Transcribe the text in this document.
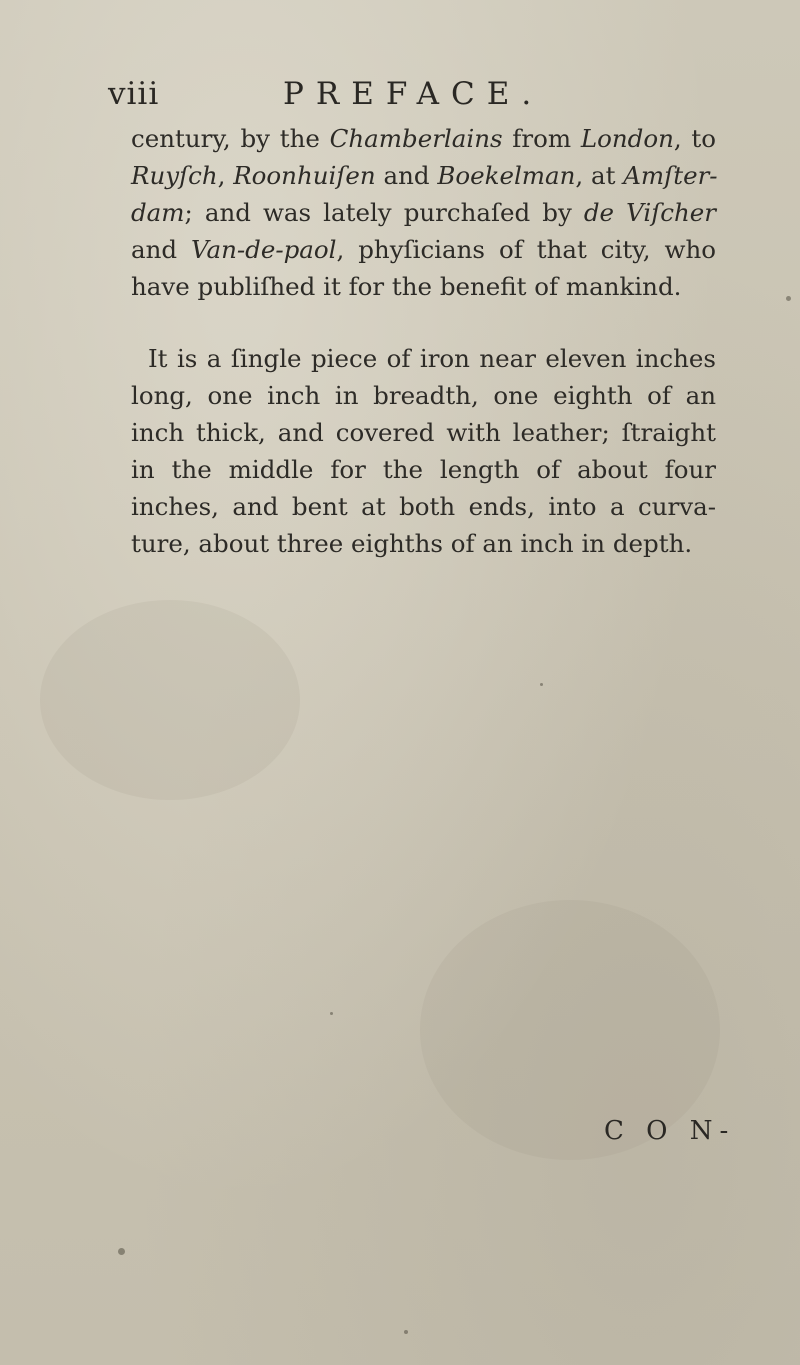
viii	PREFACE.
century, by the Chamberlains from London, to
Ruyſch, Roonhuiſen and Boekelman, at Amſter-
dam; and was lately purchaſed by de Viſcher
and Van-de-paol, phyſicians of that city, who
have publiſhed it for the benefit of mankind.
It is a ſingle piece of iron near eleven inches
long, one inch in breadth, one eighth of an
inch thick, and covered with leather; ſtraight
in the middle for the length of about four
inches, and bent at both ends, into a curva-
ture, about three eighths of an inch in depth.
C O N-
